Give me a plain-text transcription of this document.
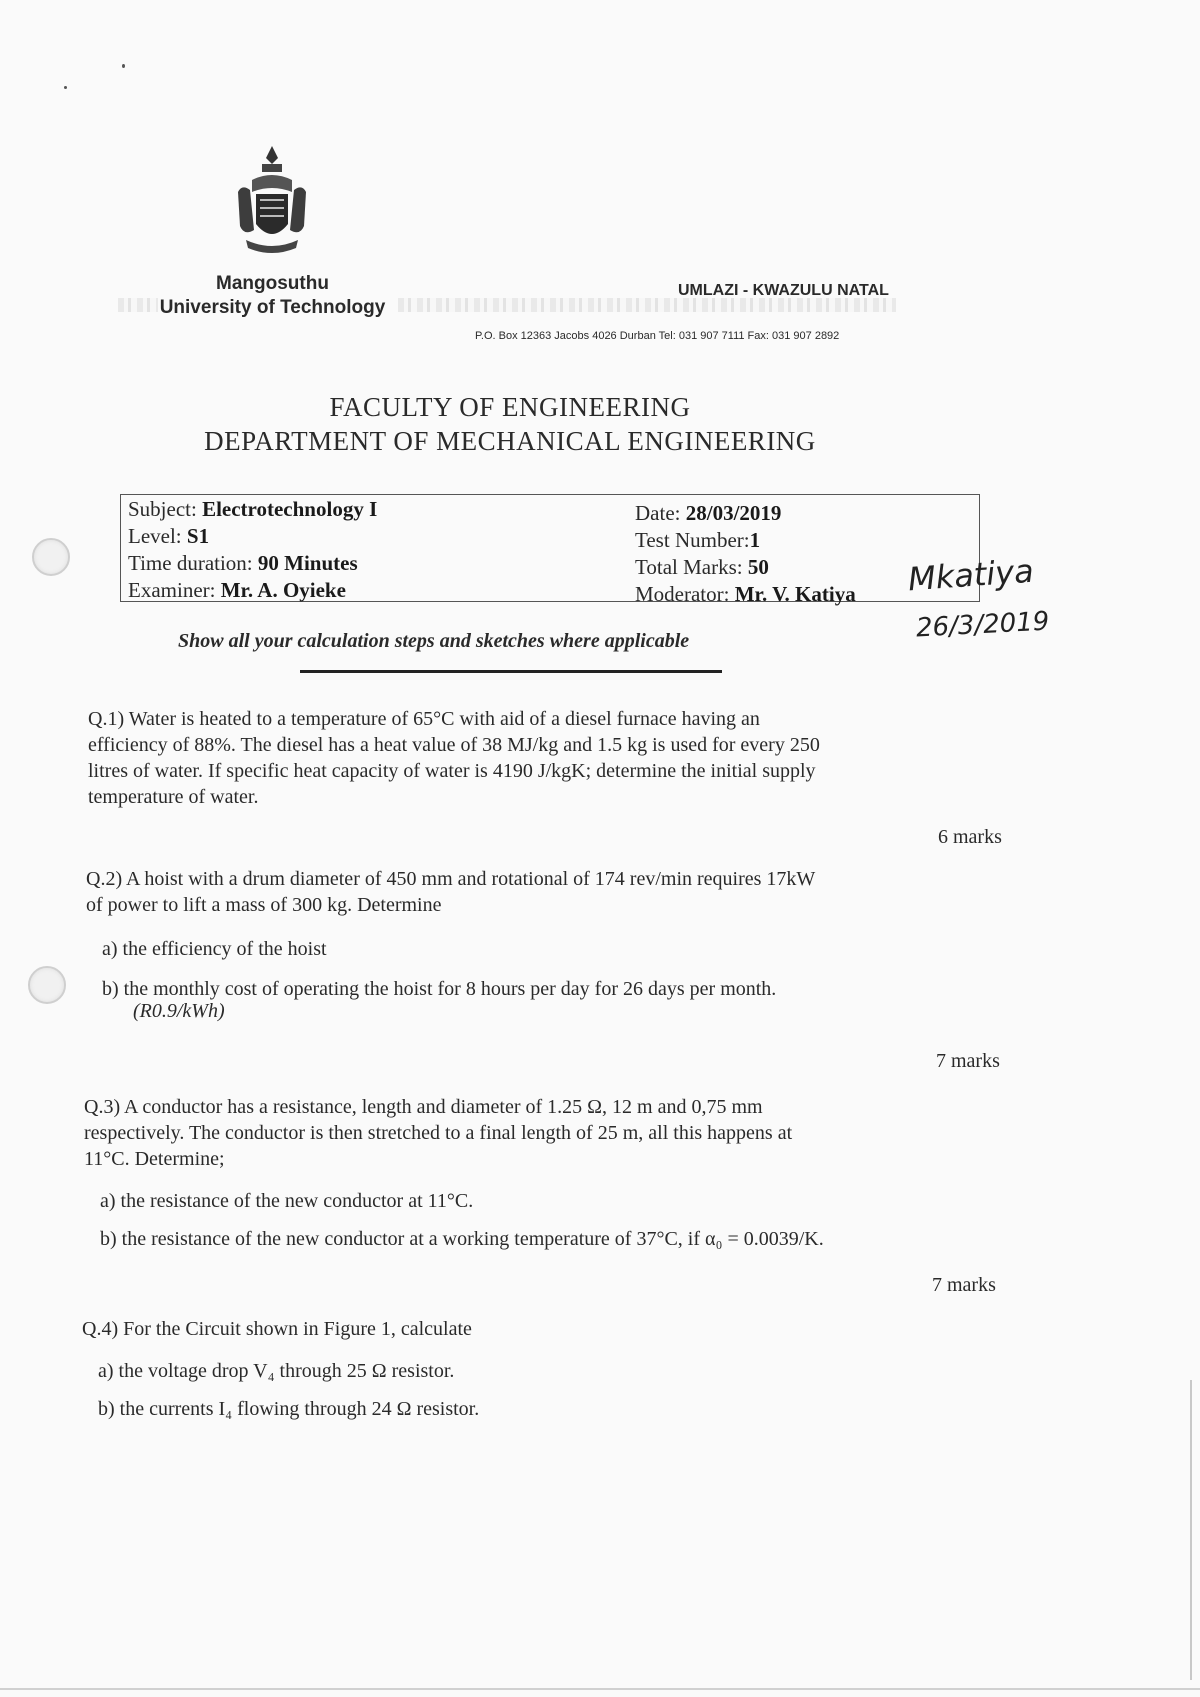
Mangosuthu
University of Technology
UMLAZI - KWAZULU NATAL
P.O. Box 12363 Jacobs 4026 Durban Tel: 031 907 7111 Fax: 031 907 2892
FACULTY OF ENGINEERING
DEPARTMENT OF MECHANICAL ENGINEERING
Subject: Electrotechnology I
Level: S1
Time duration: 90 Minutes
Examiner: Mr. A. Oyieke
Date: 28/03/2019
Test Number:1
Total Marks: 50
Moderator: Mr. V. Katiya Mkatiya
26/3/2019
Show all your calculation steps and sketches where applicable
Q.1) Water is heated to a temperature of 65°C with aid of a diesel furnace having an
efficiency of 88%. The diesel has a heat value of 38 MJ/kg and 1.5 kg is used for every 250
litres of water. If specific heat capacity of water is 4190 J/kgK; determine the initial supply
temperature of water.
6 marks
Q.2) A hoist with a drum diameter of 450 mm and rotational of 174 rev/min requires 17kW
of power to lift a mass of 300 kg. Determine
a) the efficiency of the hoist
b) the monthly cost of operating the hoist for 8 hours per day for 26 days per month.
(R0.9/kWh)
7 marks
Q.3) A conductor has a resistance, length and diameter of 1.25 Ω, 12 m and 0,75 mm
respectively. The conductor is then stretched to a final length of 25 m, all this happens at
11°C. Determine;
a) the resistance of the new conductor at 11°C.
b) the resistance of the new conductor at a working temperature of 37°C, if α₀ = 0.0039/K.
7 marks
Q.4) For the Circuit shown in Figure 1, calculate
a) the voltage drop V₄ through 25 Ω resistor.
b) the currents I₄ flowing through 24 Ω resistor.
